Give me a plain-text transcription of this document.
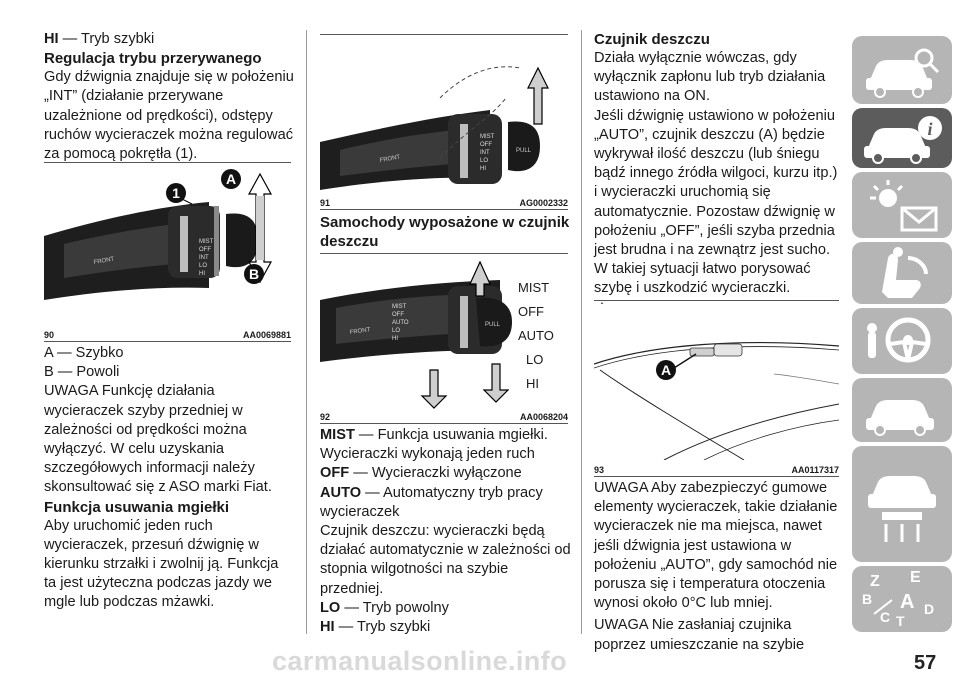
HI — Tryb szybki
Regulacja trybu przerywanego
Gdy dźwignia znajduje się w położeniu „INT” (działanie przerywane uzależnione od prędkości), odstępy ruchów wycieraczek można regulować za pomocą pokrętła (1).
MIST
OFF
INT
LO
HI
FRONT
1
A
B
90	AA0069881
A — Szybko
B — Powoli
UWAGA Funkcję działania wycieraczek szyby przedniej w zależności od prędkości można wyłączyć. W celu uzyskania szczegółowych informacji należy skonsultować się z ASO marki Fiat.
Funkcja usuwania mgiełki
Aby uruchomić jeden ruch wycieraczek, przesuń dźwignię w kierunku strzałki i zwolnij ją. Funkcja ta jest użyteczna podczas jazdy we mgle lub podczas mżawki.
MIST
OFF
INT
LO
HI
PULL
FRONT
91	AG0002332
Samochody wyposażone w czujnik deszczu
MIST
OFF
AUTO
LO
HI
PULL
FRONT
MIST
OFF
AUTO
LO
HI
92	AA0068204
MIST — Funkcja usuwania mgiełki. Wycieraczki wykonają jeden ruch
OFF — Wycieraczki wyłączone
AUTO — Automatyczny tryb pracy wycieraczek
Czujnik deszczu: wycieraczki będą działać automatycznie w zależności od stopnia wilgotności na szybie przedniej.
LO — Tryb powolny
HI — Tryb szybki
Czujnik deszczu
Działa wyłącznie wówczas, gdy wyłącznik zapłonu lub tryb działania ustawiono na ON.
Jeśli dźwignię ustawiono w położeniu „AUTO”, czujnik deszczu (A) będzie wykrywał ilość deszczu (lub śniegu bądź innego źródła wilgoci, kurzu itp.) i wycieraczki uruchomią się automatycznie. Pozostaw dźwignię w położeniu „OFF”, jeśli szyba przednia jest brudna i na zewnątrz jest sucho. W takiej sytuacji łatwo porysować szybę i uszkodzić wycieraczki.
A
93	AA0117317
UWAGA Aby zabezpieczyć gumowe elementy wycieraczek, takie działanie wycieraczek nie ma miejsca, nawet jeśli dźwignia jest ustawiona w położeniu „AUTO”, gdy samochód nie porusza się i temperatura otoczenia wynosi około 0°C lub mniej.
UWAGA Nie zasłaniaj czujnika poprzez umieszczanie na szybie
i
Z E
B A
C T
D
57
carmanualsonline.info
